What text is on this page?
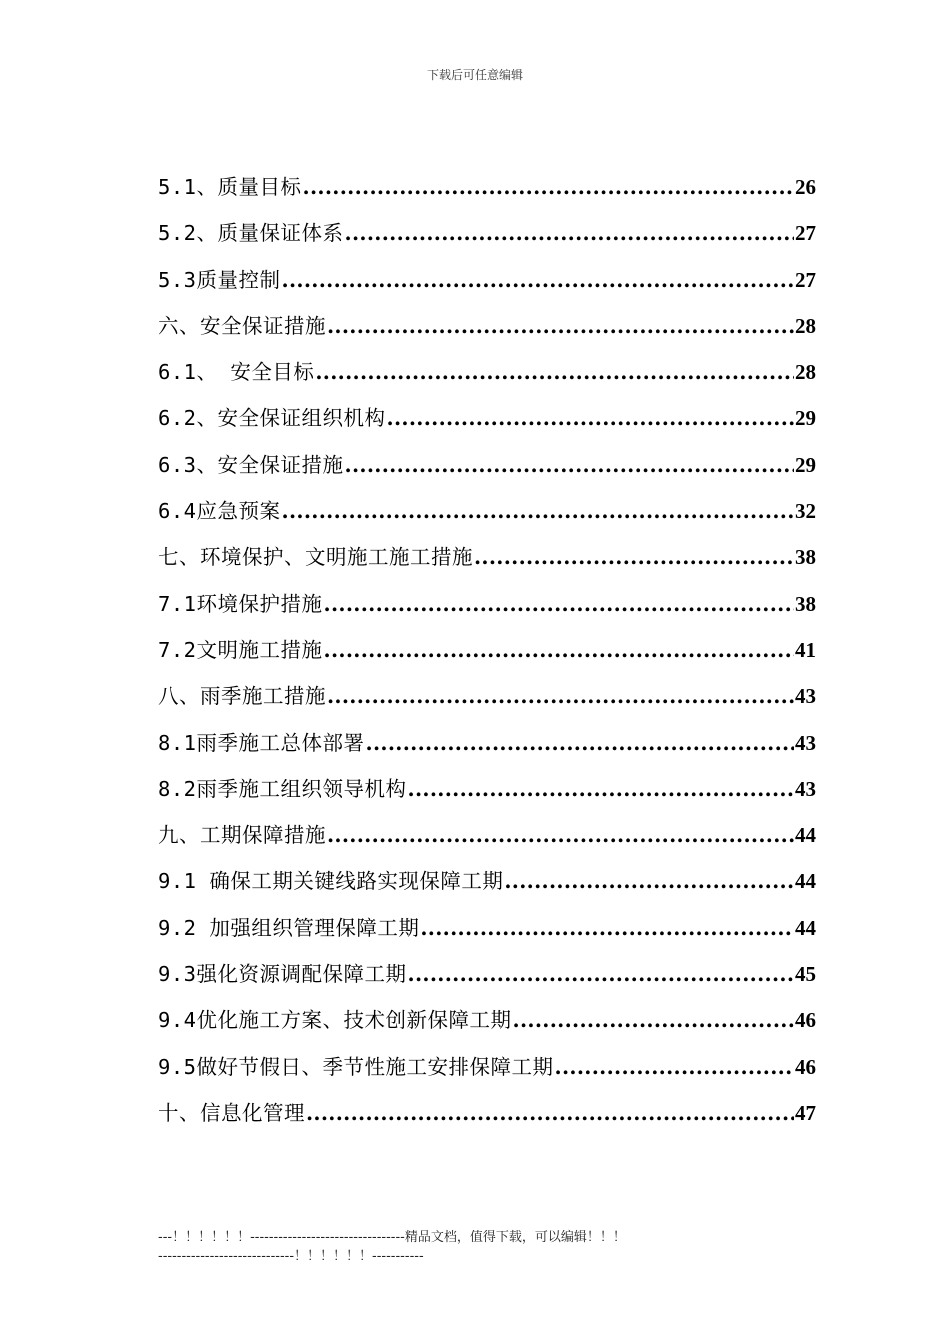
下载后可任意编辑
5.1、质量目标 .....	26
5.2、质量保证体系 .....	27
5.3质量控制 .....	27
六、安全保证措施 .....	28
6.1、 安全目标 .....	28
6.2、安全保证组织机构 .....	29
6.3、安全保证措施 .....	29
6.4应急预案 .....	32
七、环境保护、文明施工施工措施 .....	38
7.1环境保护措施 .....	38
7.2文明施工措施 .....	41
八、雨季施工措施 .....	43
8.1雨季施工总体部署 .....	43
8.2雨季施工组织领导机构 .....	43
九、工期保障措施 .....	44
9.1 确保工期关键线路实现保障工期 .....	44
9.2 加强组织管理保障工期 .....	44
9.3强化资源调配保障工期 .....	45
9.4优化施工方案、技术创新保障工期 .....	46
9.5做好节假日、季节性施工安排保障工期 .....	46
十、信息化管理 .....	47
---！！！！！！---------------------------------精品文档，值得下载，可以编辑！！！-----------------------------！！！！！！-----------
